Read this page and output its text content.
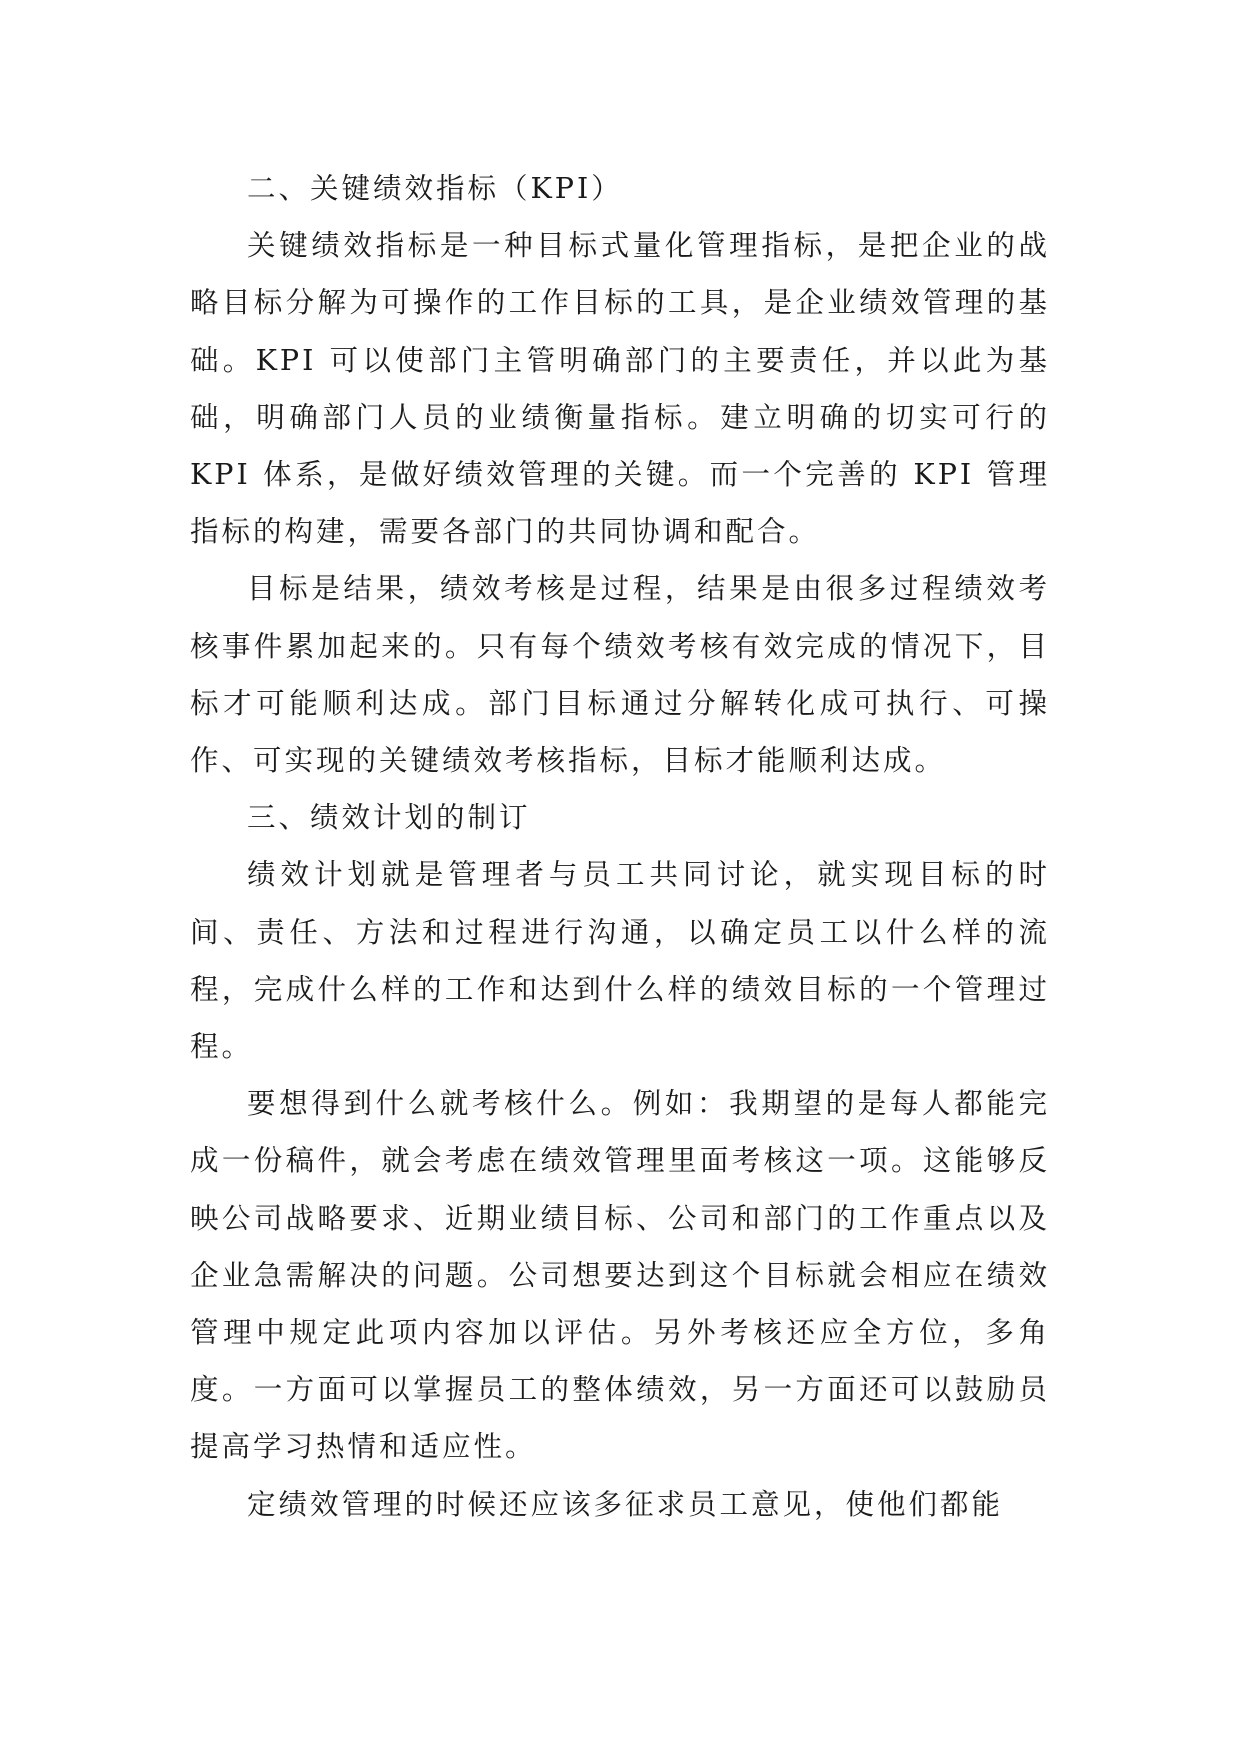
二、关键绩效指标（KPI）

关键绩效指标是一种目标式量化管理指标，是把企业的战略目标分解为可操作的工作目标的工具，是企业绩效管理的基础。KPI 可以使部门主管明确部门的主要责任，并以此为基础，明确部门人员的业绩衡量指标。建立明确的切实可行的 KPI 体系，是做好绩效管理的关键。而一个完善的 KPI 管理指标的构建，需要各部门的共同协调和配合。

目标是结果，绩效考核是过程，结果是由很多过程绩效考核事件累加起来的。只有每个绩效考核有效完成的情况下，目标才可能顺利达成。部门目标通过分解转化成可执行、可操作、可实现的关键绩效考核指标，目标才能顺利达成。

三、绩效计划的制订

绩效计划就是管理者与员工共同讨论，就实现目标的时间、责任、方法和过程进行沟通，以确定员工以什么样的流程，完成什么样的工作和达到什么样的绩效目标的一个管理过程。

要想得到什么就考核什么。例如：我期望的是每人都能完成一份稿件，就会考虑在绩效管理里面考核这一项。这能够反映公司战略要求、近期业绩目标、公司和部门的工作重点以及企业急需解决的问题。公司想要达到这个目标就会相应在绩效管理中规定此项内容加以评估。另外考核还应全方位，多角度。一方面可以掌握员工的整体绩效，另一方面还可以鼓励员提高学习热情和适应性。

定绩效管理的时候还应该多征求员工意见，使他们都能
